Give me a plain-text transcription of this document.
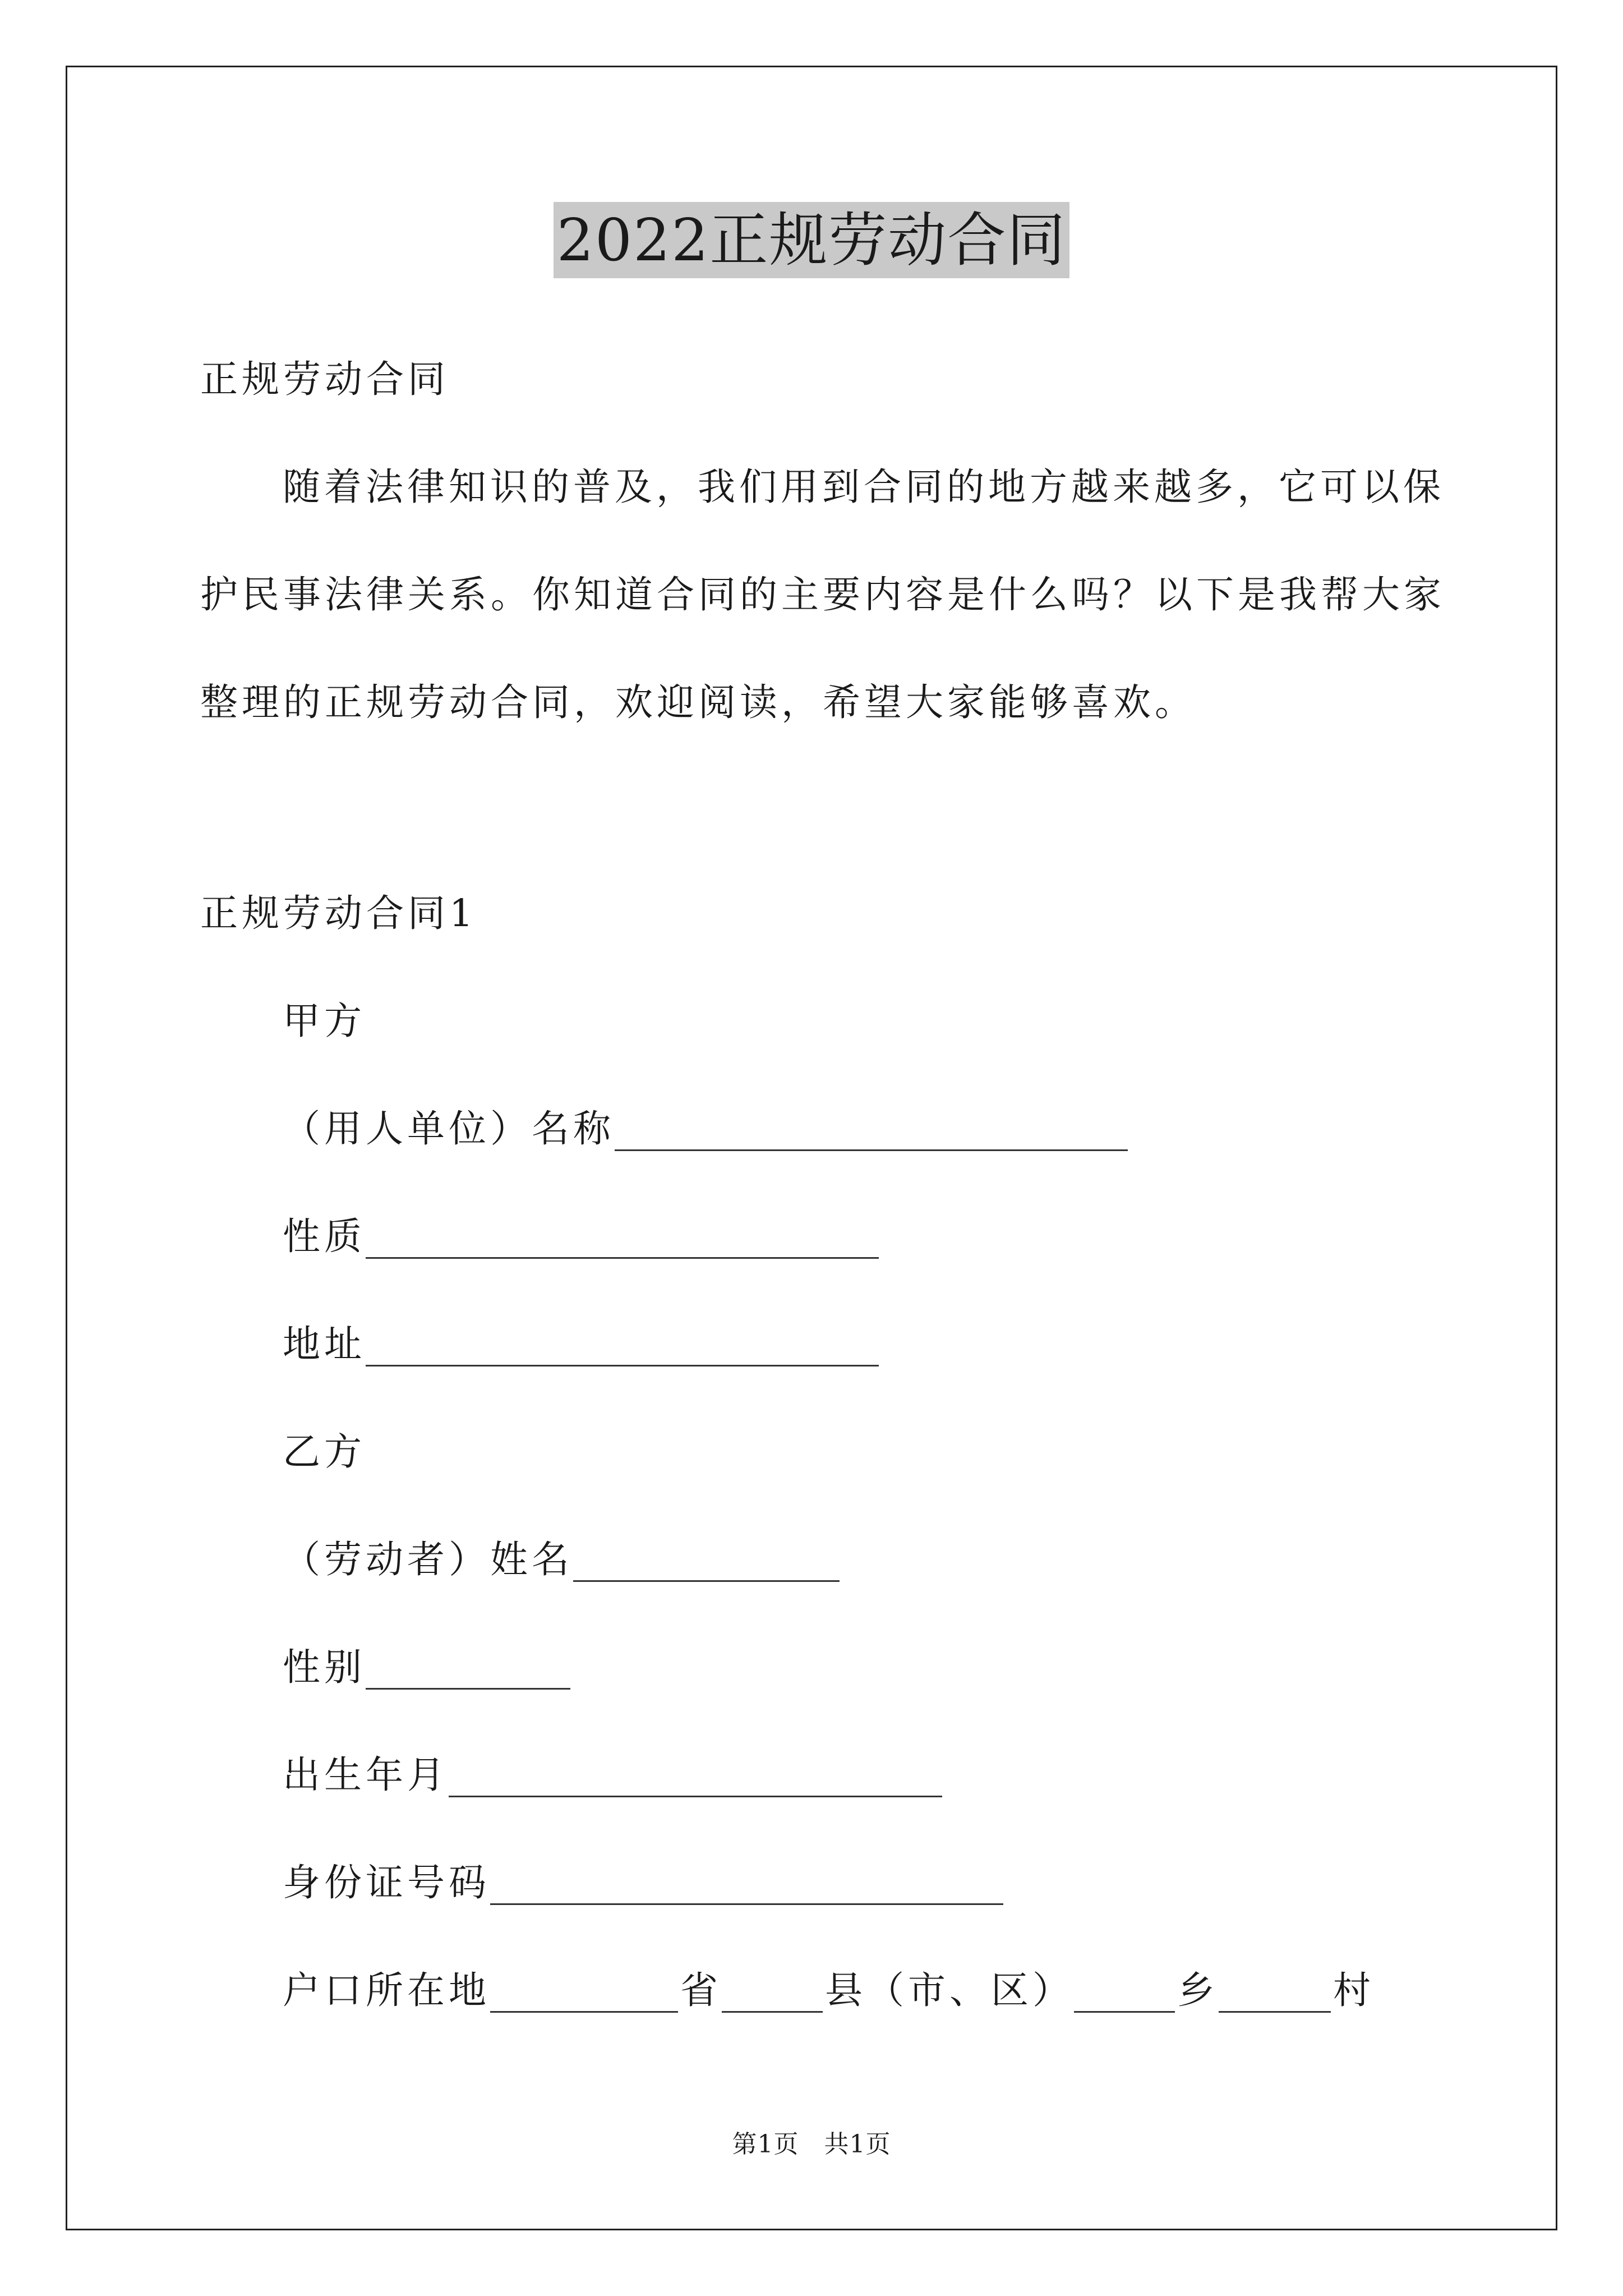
2022正规劳动合同
正规劳动合同
随着法律知识的普及，我们用到合同的地方越来越多，它可以保
护民事法律关系。你知道合同的主要内容是什么吗？以下是我帮大家
整理的正规劳动合同，欢迎阅读，希望大家能够喜欢。
正规劳动合同1
甲方
（用人单位）名称
性质
地址
乙方
（劳动者）姓名
性别
出生年月
身份证号码
户口所在地	省	县（市、区）	乡	村
第1页　共1页
